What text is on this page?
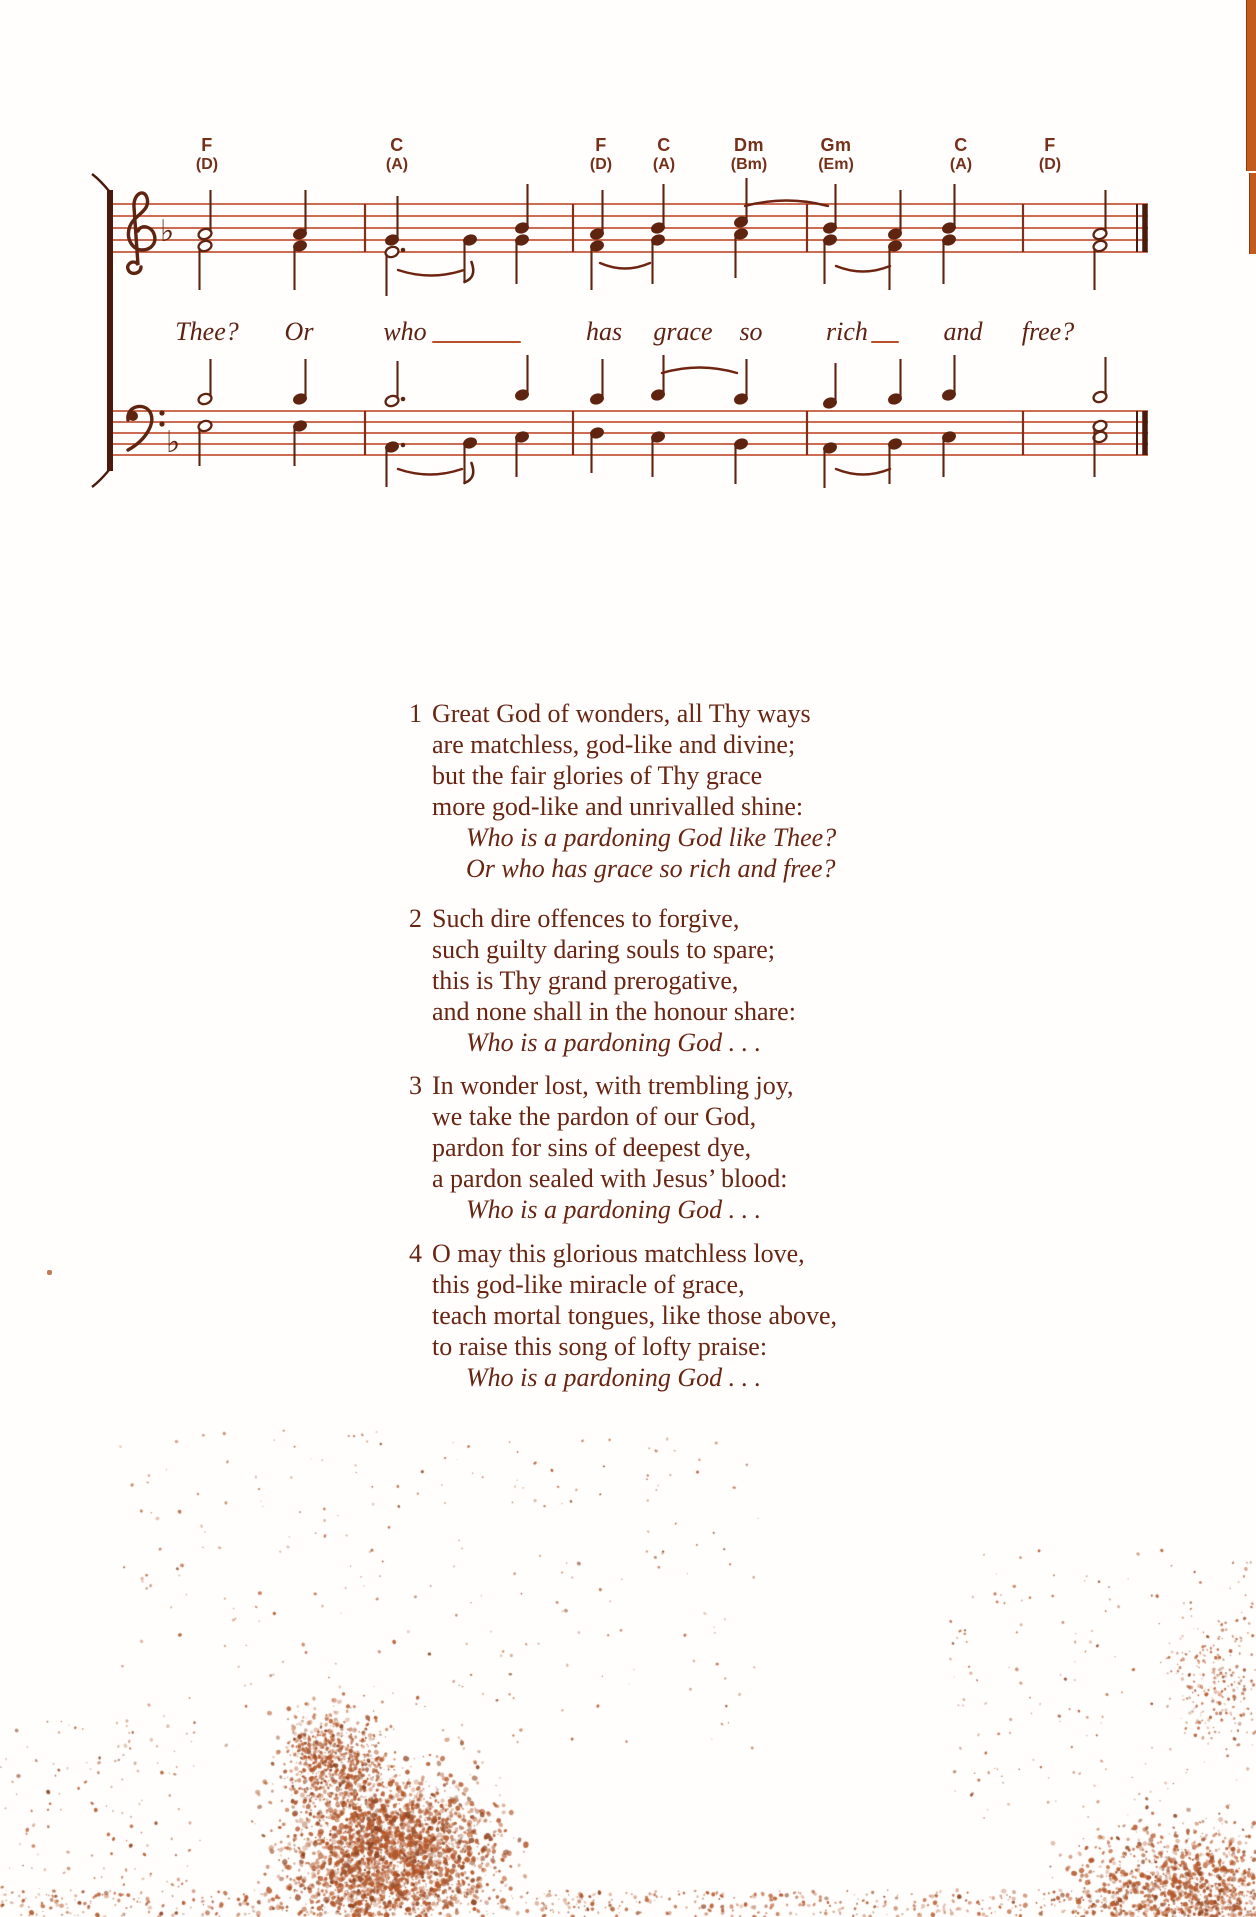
♭
♭
F
(D)
C
(A)
F
(D)
C
(A)
Dm
(Bm)
Gm
(Em)
C
(A)
F
(D)
Thee?	Or	who	has	grace	so	rich	and	free?
1 Great God of wonders, all Thy ways
are matchless, god-like and divine;
but the fair glories of Thy grace
more god-like and unrivalled shine:
Who is a pardoning God like Thee?
Or who has grace so rich and free?
2 Such dire offences to forgive,
such guilty daring souls to spare;
this is Thy grand prerogative,
and none shall in the honour share:
Who is a pardoning God . . .
3 In wonder lost, with trembling joy,
we take the pardon of our God,
pardon for sins of deepest dye,
a pardon sealed with Jesus’ blood:
Who is a pardoning God . . .
4 O may this glorious matchless love,
this god-like miracle of grace,
teach mortal tongues, like those above,
to raise this song of lofty praise:
Who is a pardoning God . . .
